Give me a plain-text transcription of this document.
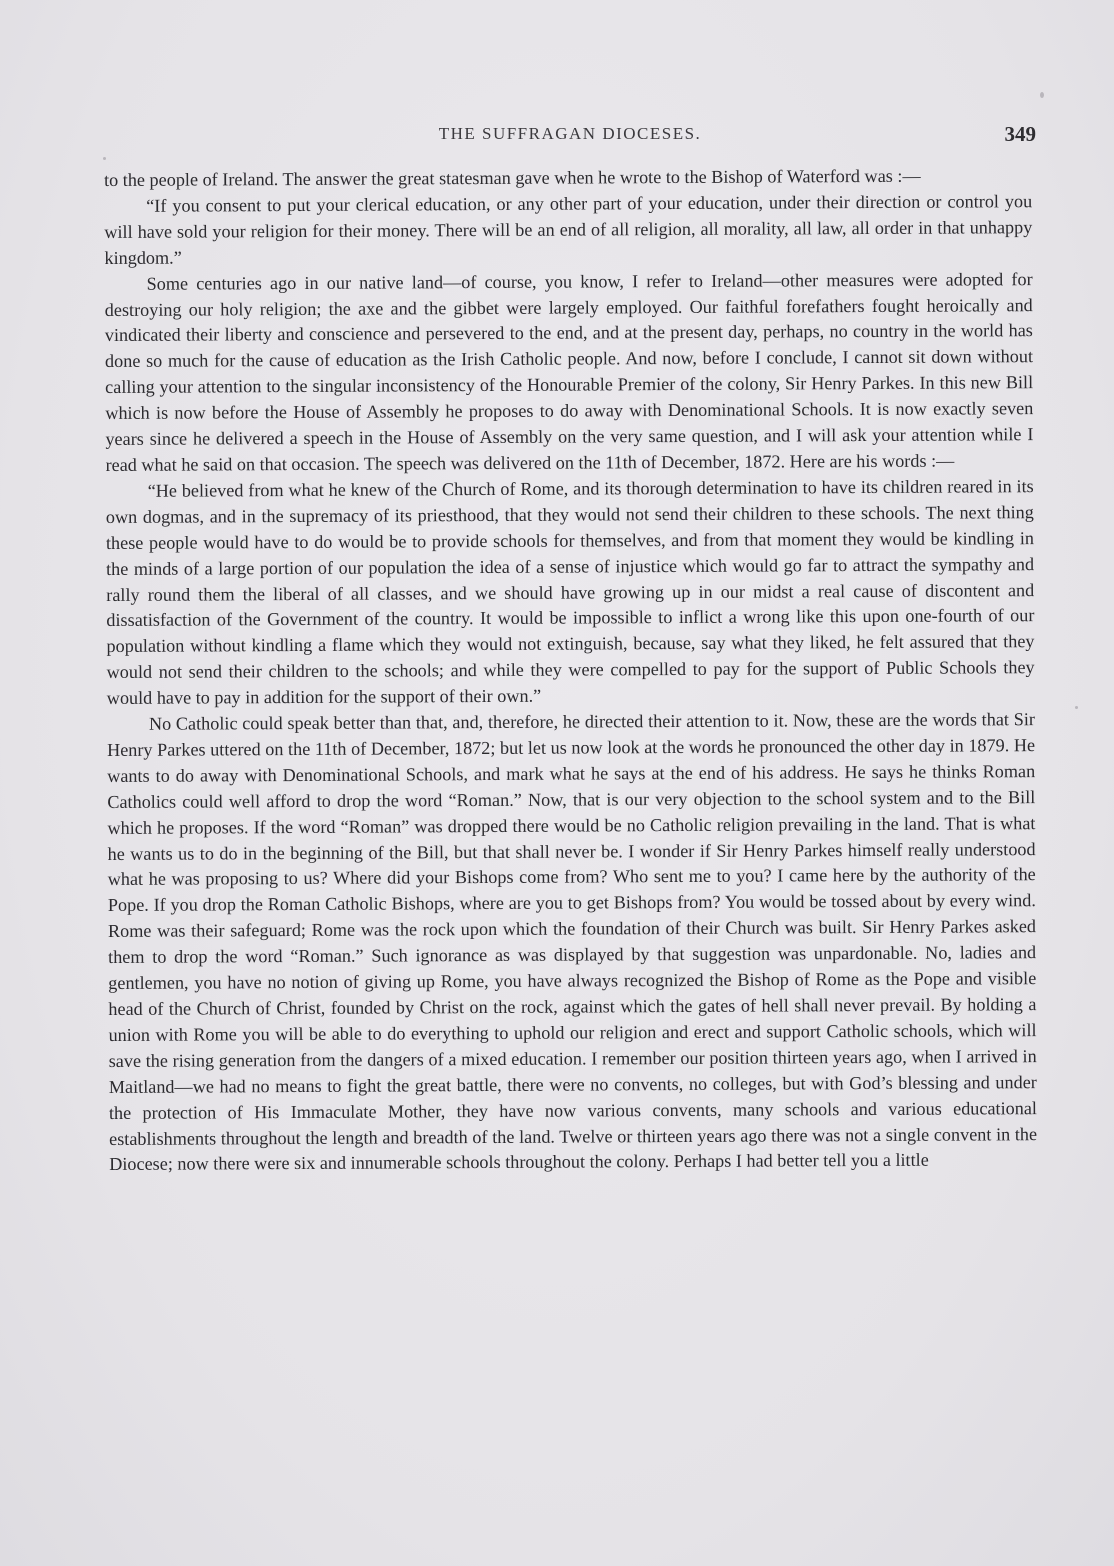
THE SUFFRAGAN DIOCESES.	349

to the people of Ireland. The answer the great statesman gave when he wrote to the Bishop of Waterford was :—

“If you consent to put your clerical education, or any other part of your education, under their direction or control you will have sold your religion for their money. There will be an end of all religion, all morality, all law, all order in that unhappy kingdom.”

Some centuries ago in our native land—of course, you know, I refer to Ireland—other measures were adopted for destroying our holy religion; the axe and the gibbet were largely employed. Our faithful forefathers fought heroically and vindicated their liberty and conscience and persevered to the end, and at the present day, perhaps, no country in the world has done so much for the cause of education as the Irish Catholic people. And now, before I conclude, I cannot sit down without calling your attention to the singular inconsistency of the Honourable Premier of the colony, Sir Henry Parkes. In this new Bill which is now before the House of Assembly he proposes to do away with Denominational Schools. It is now exactly seven years since he delivered a speech in the House of Assembly on the very same question, and I will ask your attention while I read what he said on that occasion. The speech was delivered on the 11th of December, 1872. Here are his words :—

“He believed from what he knew of the Church of Rome, and its thorough determination to have its children reared in its own dogmas, and in the supremacy of its priesthood, that they would not send their children to these schools. The next thing these people would have to do would be to provide schools for themselves, and from that moment they would be kindling in the minds of a large portion of our population the idea of a sense of injustice which would go far to attract the sympathy and rally round them the liberal of all classes, and we should have growing up in our midst a real cause of discontent and dissatisfaction of the Government of the country. It would be impossible to inflict a wrong like this upon one-fourth of our population without kindling a flame which they would not extinguish, because, say what they liked, he felt assured that they would not send their children to the schools; and while they were compelled to pay for the support of Public Schools they would have to pay in addition for the support of their own.”

No Catholic could speak better than that, and, therefore, he directed their attention to it. Now, these are the words that Sir Henry Parkes uttered on the 11th of December, 1872; but let us now look at the words he pronounced the other day in 1879. He wants to do away with Denominational Schools, and mark what he says at the end of his address. He says he thinks Roman Catholics could well afford to drop the word “Roman.” Now, that is our very objection to the school system and to the Bill which he proposes. If the word “Roman” was dropped there would be no Catholic religion prevailing in the land. That is what he wants us to do in the beginning of the Bill, but that shall never be. I wonder if Sir Henry Parkes himself really understood what he was proposing to us? Where did your Bishops come from? Who sent me to you? I came here by the authority of the Pope. If you drop the Roman Catholic Bishops, where are you to get Bishops from? You would be tossed about by every wind. Rome was their safeguard; Rome was the rock upon which the foundation of their Church was built. Sir Henry Parkes asked them to drop the word “Roman.” Such ignorance as was displayed by that suggestion was unpardonable. No, ladies and gentlemen, you have no notion of giving up Rome, you have always recognized the Bishop of Rome as the Pope and visible head of the Church of Christ, founded by Christ on the rock, against which the gates of hell shall never prevail. By holding a union with Rome you will be able to do everything to uphold our religion and erect and support Catholic schools, which will save the rising generation from the dangers of a mixed education. I remember our position thirteen years ago, when I arrived in Maitland—we had no means to fight the great battle, there were no convents, no colleges, but with God’s blessing and under the protection of His Immaculate Mother, they have now various convents, many schools and various educational establishments throughout the length and breadth of the land. Twelve or thirteen years ago there was not a single convent in the Diocese; now there were six and innumerable schools throughout the colony. Perhaps I had better tell you a little
